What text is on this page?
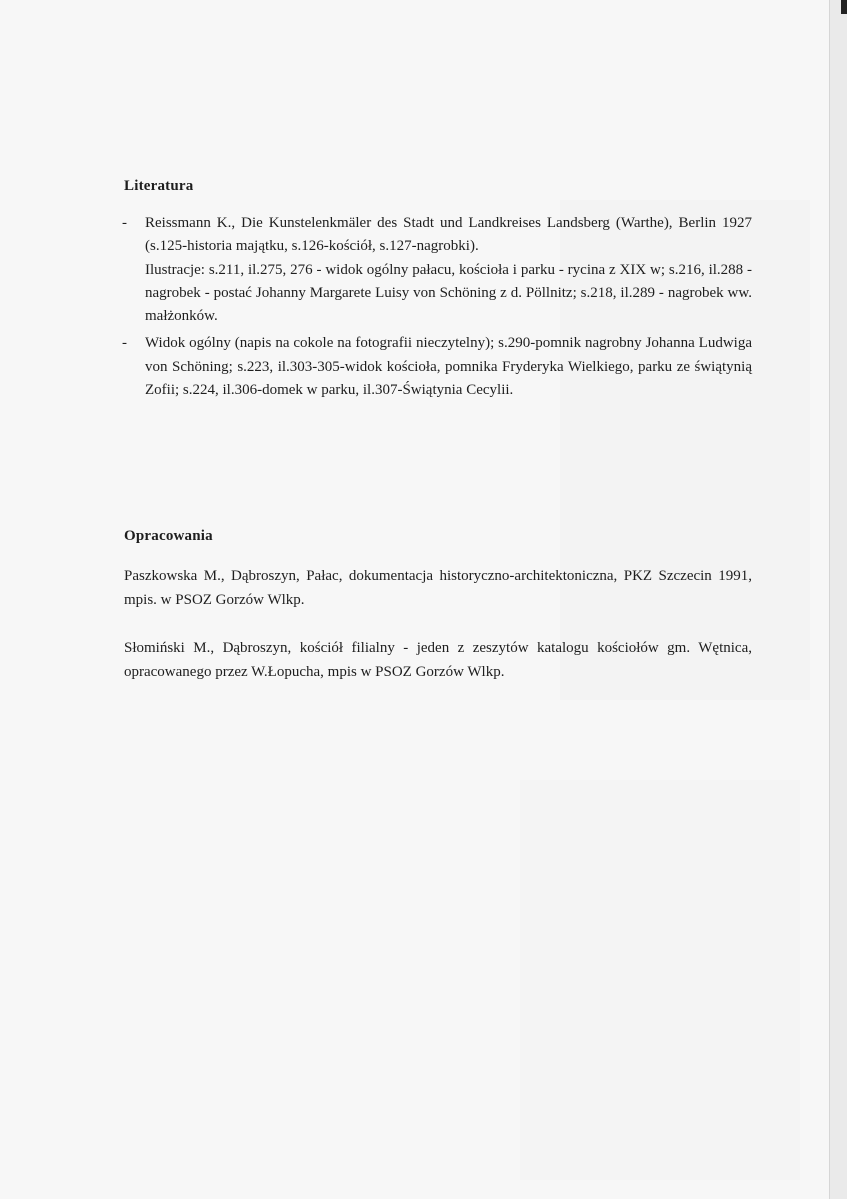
Literatura
- Reissmann K., Die Kunstelenkmäler des Stadt und Landkreises Landsberg (Warthe), Berlin 1927 (s.125-historia majątku, s.126-kościół, s.127-nagrobki).

Ilustracje: s.211, il.275, 276 - widok ogólny pałacu, kościoła i parku - rycina z XIX w; s.216, il.288 - nagrobek - postać Johanny Margarete Luisy von Schöning z d. Pöllnitz; s.218, il.289 - nagrobek ww. małżonków.

- Widok ogólny (napis na cokole na fotografii nieczytelny); s.290-pomnik nagrobny Johanna Ludwiga von Schöning; s.223, il.303-305-widok kościoła, pomnika Fryderyka Wielkiego, parku ze świątynią Zofii; s.224, il.306-domek w parku, il.307-Świątynia Cecylii.

Opracowania

Paszkowska M., Dąbroszyn, Pałac, dokumentacja historyczno-architektoniczna, PKZ Szczecin 1991, mpis. w PSOZ Gorzów Wlkp.

Słomiński M., Dąbroszyn, kościół filialny - jeden z zeszytów katalogu kościołów gm. Wętnica, opracowanego przez W.Łopucha, mpis w PSOZ Gorzów Wlkp.
